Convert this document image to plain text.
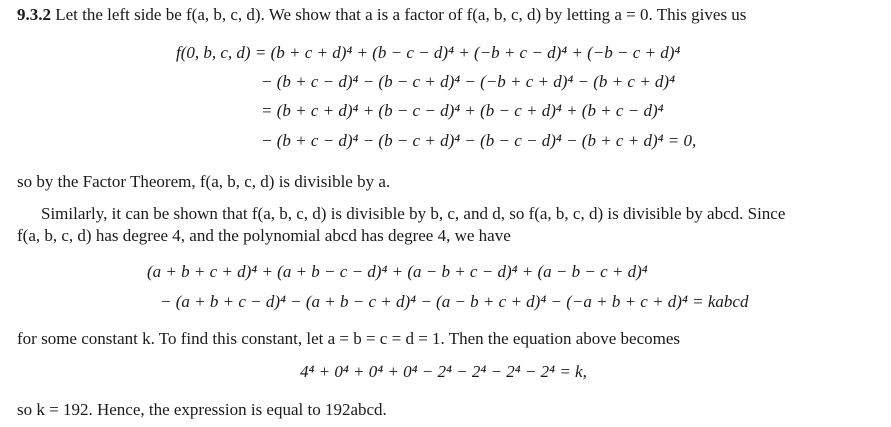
9.3.2 Let the left side be f(a, b, c, d). We show that a is a factor of f(a, b, c, d) by letting a = 0. This gives us
f(0, b, c, d) = (b + c + d)⁴ + (b − c − d)⁴ + (−b + c − d)⁴ + (−b − c + d)⁴
− (b + c − d)⁴ − (b − c + d)⁴ − (−b + c + d)⁴ − (b + c + d)⁴
= (b + c + d)⁴ + (b − c − d)⁴ + (b − c + d)⁴ + (b + c − d)⁴
− (b + c − d)⁴ − (b − c + d)⁴ − (b − c − d)⁴ − (b + c + d)⁴ = 0,
so by the Factor Theorem, f(a, b, c, d) is divisible by a.
Similarly, it can be shown that f(a, b, c, d) is divisible by b, c, and d, so f(a, b, c, d) is divisible by abcd. Since
f(a, b, c, d) has degree 4, and the polynomial abcd has degree 4, we have
(a + b + c + d)⁴ + (a + b − c − d)⁴ + (a − b + c − d)⁴ + (a − b − c + d)⁴
− (a + b + c − d)⁴ − (a + b − c + d)⁴ − (a − b + c + d)⁴ − (−a + b + c + d)⁴ = kabcd
for some constant k. To find this constant, let a = b = c = d = 1. Then the equation above becomes
4⁴ + 0⁴ + 0⁴ + 0⁴ − 2⁴ − 2⁴ − 2⁴ − 2⁴ = k,
so k = 192. Hence, the expression is equal to 192abcd.
